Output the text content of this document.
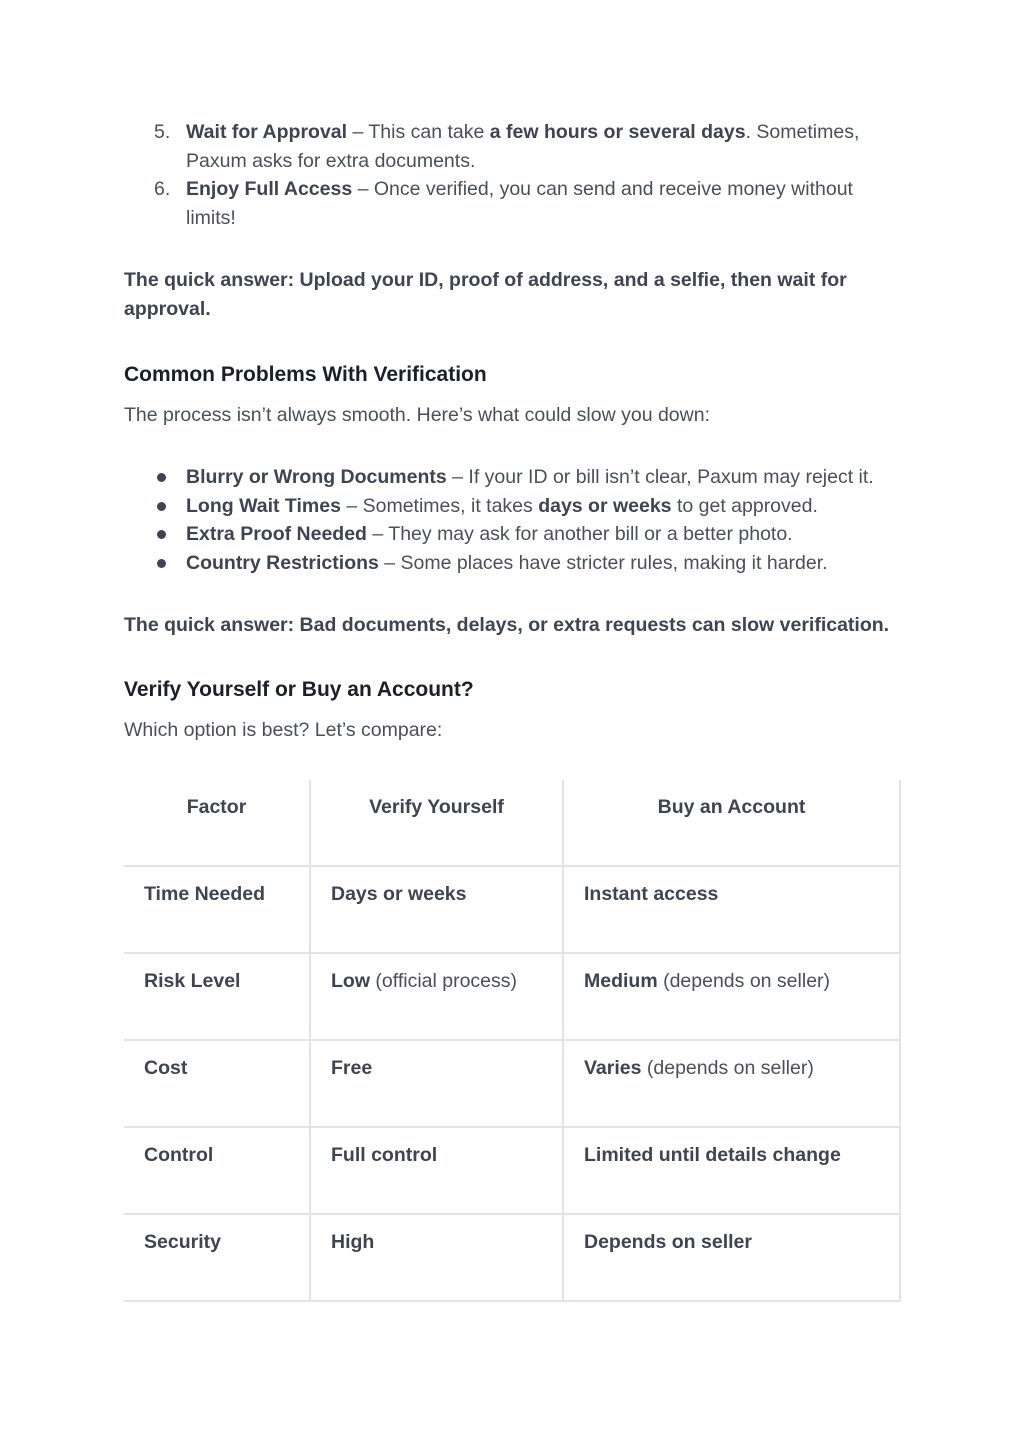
5. Wait for Approval – This can take a few hours or several days. Sometimes, Paxum asks for extra documents.
6. Enjoy Full Access – Once verified, you can send and receive money without limits!

The quick answer: Upload your ID, proof of address, and a selfie, then wait for approval.

Common Problems With Verification

The process isn’t always smooth. Here’s what could slow you down:

Blurry or Wrong Documents – If your ID or bill isn’t clear, Paxum may reject it.
Long Wait Times – Sometimes, it takes days or weeks to get approved.
Extra Proof Needed – They may ask for another bill or a better photo.
Country Restrictions – Some places have stricter rules, making it harder.

The quick answer: Bad documents, delays, or extra requests can slow verification.

Verify Yourself or Buy an Account?

Which option is best? Let’s compare:

Factor	Verify Yourself	Buy an Account
Time Needed	Days or weeks	Instant access
Risk Level	Low (official process)	Medium (depends on seller)
Cost	Free	Varies (depends on seller)
Control	Full control	Limited until details change
Security	High	Depends on seller
